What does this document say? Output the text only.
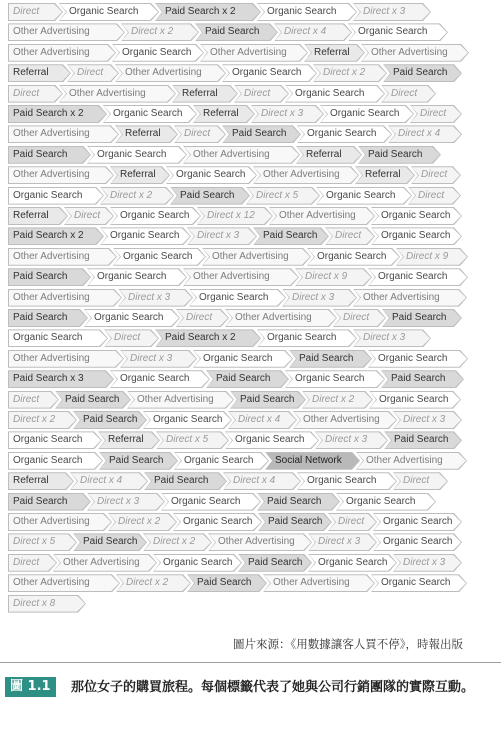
Direct	Organic Search	Paid Search x 2	Organic Search	Direct x 3
Other Advertising	Direct x 2	Paid Search	Direct x 4	Organic Search
Other Advertising	Organic Search	Other Advertising	Referral	Other Advertising
Referral	Direct	Other Advertising	Organic Search	Direct x 2	Paid Search
Direct	Other Advertising	Referral	Direct	Organic Search	Direct
Paid Search x 2	Organic Search	Referral	Direct x 3	Organic Search	Direct
Other Advertising	Referral	Direct	Paid Search	Organic Search	Direct x 4
Paid Search	Organic Search	Other Advertising	Referral	Paid Search
Other Advertising	Referral	Organic Search	Other Advertising	Referral	Direct
Organic Search	Direct x 2	Paid Search	Direct x 5	Organic Search	Direct
Referral	Direct	Organic Search	Direct x 12	Other Advertising	Organic Search
Paid Search x 2	Organic Search	Direct x 3	Paid Search	Direct	Organic Search
Other Advertising	Organic Search	Other Advertising	Organic Search	Direct x 9
Paid Search	Organic Search	Other Advertising	Direct x 9	Organic Search
Other Advertising	Direct x 3	Organic Search	Direct x 3	Other Advertising
Paid Search	Organic Search	Direct	Other Advertising	Direct	Paid Search
Organic Search	Direct	Paid Search x 2	Organic Search	Direct x 3
Other Advertising	Direct x 3	Organic Search	Paid Search	Organic Search
Paid Search x 3	Organic Search	Paid Search	Organic Search	Paid Search
Direct	Paid Search	Other Advertising	Paid Search	Direct x 2	Organic Search
Direct x 2	Paid Search	Organic Search	Direct x 4	Other Advertising	Direct x 3
Organic Search	Referral	Direct x 5	Organic Search	Direct x 3	Paid Search
Organic Search	Paid Search	Organic Search	Social Network	Other Advertising
Referral	Direct x 4	Paid Search	Direct x 4	Organic Search	Direct
Paid Search	Direct x 3	Organic Search	Paid Search	Organic Search
Other Advertising	Direct x 2	Organic Search	Paid Search	Direct	Organic Search
Direct x 5	Paid Search	Direct x 2	Other Advertising	Direct x 3	Organic Search
Direct	Other Advertising	Organic Search	Paid Search	Organic Search	Direct x 3
Other Advertising	Direct x 2	Paid Search	Other Advertising	Organic Search
Direct x 8
圖片來源：《用數據讓客人買不停》，時報出版
圖 1.1	那位女子的購買旅程。每個標籤代表了她與公司行銷團隊的實際互動。
